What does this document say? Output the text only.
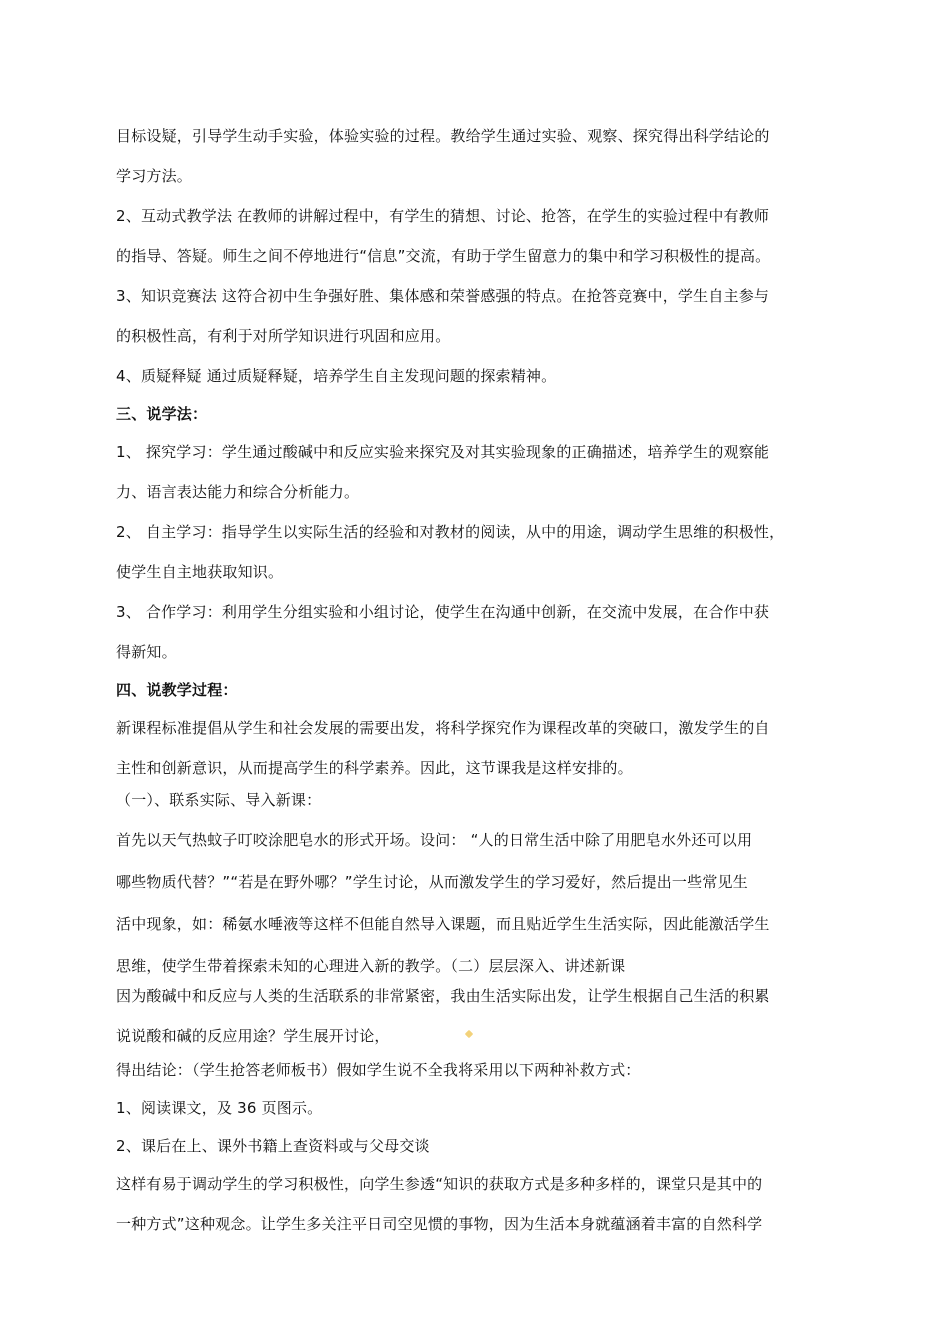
目标设疑，引导学生动手实验，体验实验的过程。教给学生通过实验、观察、探究得出科学结论的
学习方法。
2、互动式教学法 在教师的讲解过程中，有学生的猜想、讨论、抢答，在学生的实验过程中有教师
的指导、答疑。师生之间不停地进行“信息”交流，有助于学生留意力的集中和学习积极性的提高。
3、知识竞赛法 这符合初中生争强好胜、集体感和荣誉感强的特点。在抢答竞赛中，学生自主参与
的积极性高，有利于对所学知识进行巩固和应用。
4、质疑释疑 通过质疑释疑，培养学生自主发现问题的探索精神。
三、说学法：
1、 探究学习：学生通过酸碱中和反应实验来探究及对其实验现象的正确描述，培养学生的观察能
力、语言表达能力和综合分析能力。
2、 自主学习：指导学生以实际生活的经验和对教材的阅读，从中的用途，调动学生思维的积极性，
使学生自主地获取知识。
3、 合作学习：利用学生分组实验和小组讨论，使学生在沟通中创新，在交流中发展，在合作中获
得新知。
四、说教学过程：
新课程标准提倡从学生和社会发展的需要出发，将科学探究作为课程改革的突破口，激发学生的自
主性和创新意识，从而提高学生的科学素养。因此，这节课我是这样安排的。
（一）、联系实际、导入新课：
首先以天气热蚊子叮咬涂肥皂水的形式开场。设问： “人的日常生活中除了用肥皂水外还可以用
哪些物质代替？”“若是在野外哪？”学生讨论，从而激发学生的学习爱好，然后提出一些常见生
活中现象，如：稀氨水唾液等这样不但能自然导入课题，而且贴近学生生活实际，因此能激活学生
思维，使学生带着探索未知的心理进入新的教学。（二）层层深入、讲述新课
因为酸碱中和反应与人类的生活联系的非常紧密，我由生活实际出发，让学生根据自己生活的积累
说说酸和碱的反应用途？学生展开讨论，
得出结论：（学生抢答老师板书）假如学生说不全我将采用以下两种补救方式：
1、阅读课文，及 36 页图示。
2、课后在上、课外书籍上查资料或与父母交谈
这样有易于调动学生的学习积极性，向学生参透“知识的获取方式是多种多样的，课堂只是其中的
一种方式”这种观念。让学生多关注平日司空见惯的事物，因为生活本身就蕴涵着丰富的自然科学
